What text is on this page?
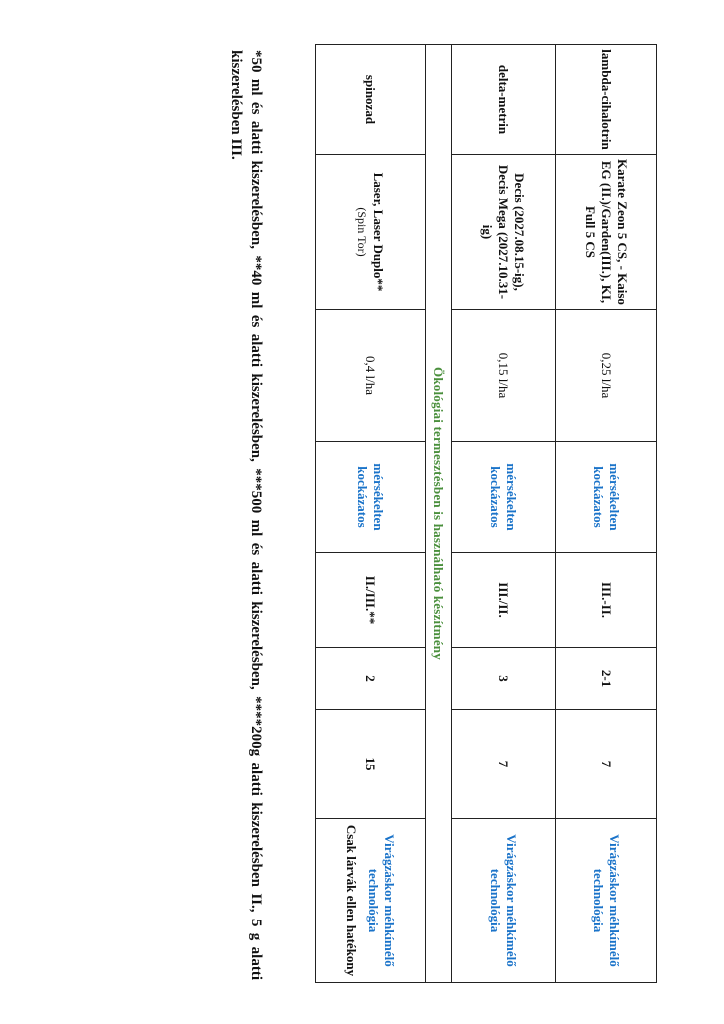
lambda-cihalotrin	Karate Zeon 5 CS, - Kaiso EG (II.)/Garden(III.), KI, Full 5 CS	0,25 l/ha	mérsékelten kockázatos	III.-II.	2-1	7	Virágzáskor méhkímélő technológia

delta-metrin	Decis (2027.08.15-ig), Decis Mega (2027.10.31-ig)	0,15 l/ha	mérsékelten kockázatos	III./II.	3	7	Virágzáskor méhkímélő technológia

Ökológiai termesztésben is használható készítmény							
spinozad	Laser, Laser Duplo**
(Spin Tor)	0,4 l/ha	mérsékelten kockázatos	II./III.**	2	15	Virágzáskor méhkímélő technológia
Csak lárvák ellen hatékony
*50 ml és alatti kiszerelésben, **40 ml és alatti kiszerelésben, ***500 ml és alatti kiszerelésben, ****200g alatti kiszerelésben II., 5 g alatti kiszerelésben III.
